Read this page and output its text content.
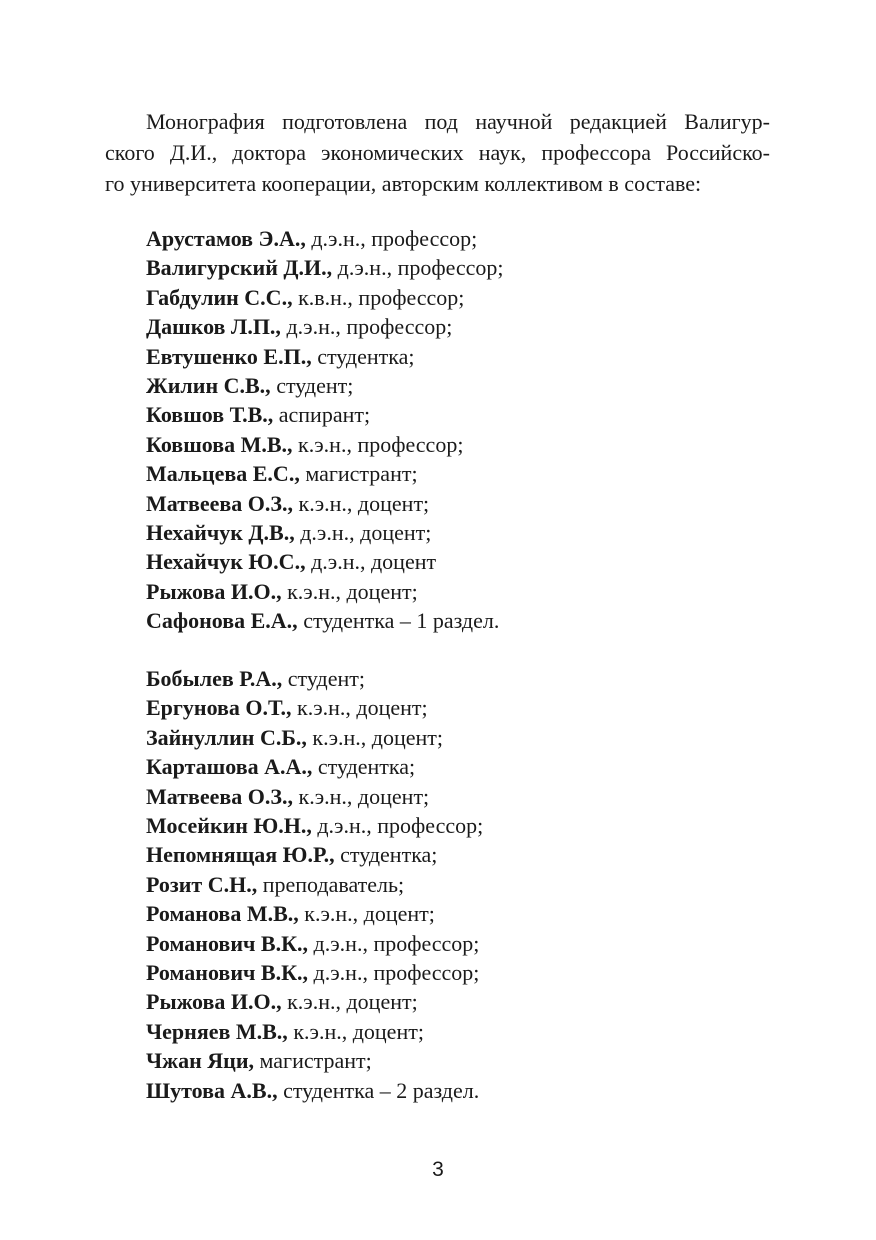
Монография подготовлена под научной редакцией Валигур-
ского Д.И., доктора экономических наук, профессора Российско-
го университета кооперации, авторским коллективом в составе:
Арустамов Э.А., д.э.н., профессор;
Валигурский Д.И., д.э.н., профессор;
Габдулин С.С., к.в.н., профессор;
Дашков Л.П., д.э.н., профессор;
Евтушенко Е.П., студентка;
Жилин С.В., студент;
Ковшов Т.В., аспирант;
Ковшова М.В., к.э.н., профессор;
Мальцева Е.С., магистрант;
Матвеева О.З., к.э.н., доцент;
Нехайчук Д.В., д.э.н., доцент;
Нехайчук Ю.С., д.э.н., доцент
Рыжова И.О., к.э.н., доцент;
Сафонова Е.А., студентка – 1 раздел.
Бобылев Р.А., студент;
Ергунова О.Т., к.э.н., доцент;
Зайнуллин С.Б., к.э.н., доцент;
Карташова А.А., студентка;
Матвеева О.З., к.э.н., доцент;
Мосейкин Ю.Н., д.э.н., профессор;
Непомнящая Ю.Р., студентка;
Розит С.Н., преподаватель;
Романова М.В., к.э.н., доцент;
Романович В.К., д.э.н., профессор;
Романович В.К., д.э.н., профессор;
Рыжова И.О., к.э.н., доцент;
Черняев М.В., к.э.н., доцент;
Чжан Яци, магистрант;
Шутова А.В., студентка – 2 раздел.
3
